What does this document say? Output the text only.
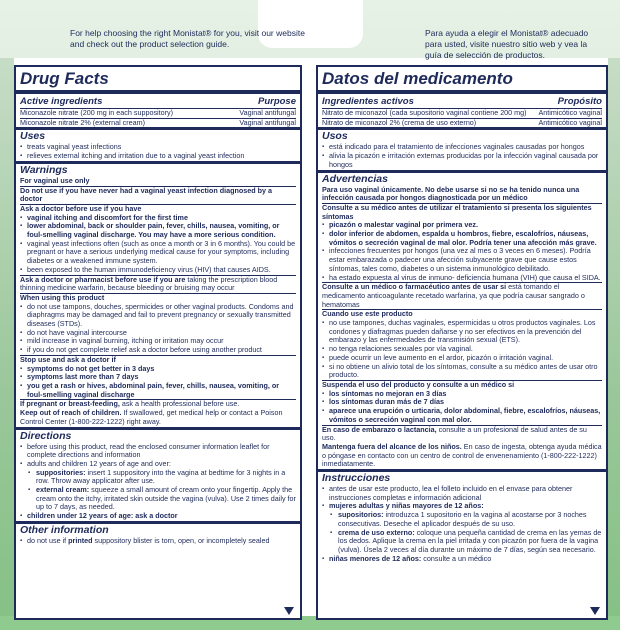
For help choosing the right Monistat® for you, visit our website and check out the product selection guide.
Para ayuda a elegir el Monistat® adecuado para usted, visite nuestro sitio web y vea la guía de selección de productos.
Drug Facts
Active ingredients	Purpose
Miconazole nitrate (200 mg in each suppository)	Vaginal antifungal
Miconazole nitrate 2% (external cream)	Vaginal antifungal
Uses
▪ treats vaginal yeast infections
▪ relieves external itching and irritation due to a vaginal yeast infection
Warnings
For vaginal use only
Do not use if you have never had a vaginal yeast infection diagnosed by a doctor
Ask a doctor before use if you have
▪ vaginal itching and discomfort for the first time
▪ lower abdominal, back or shoulder pain, fever, chills, nausea, vomiting, or foul-smelling vaginal discharge. You may have a more serious condition.
▪ vaginal yeast infections often (such as once a month or 3 in 6 months). You could be pregnant or have a serious underlying medical cause for your symptoms, including diabetes or a weakened immune system.
▪ been exposed to the human immunodeficiency virus (HIV) that causes AIDS.
Ask a doctor or pharmacist before use if you are taking the prescription blood thinning medicine warfarin, because bleeding or bruising may occur
When using this product
▪ do not use tampons, douches, spermicides or other vaginal products. Condoms and diaphragms may be damaged and fail to prevent pregnancy or sexually transmitted diseases (STDs).
▪ do not have vaginal intercourse
▪ mild increase in vaginal burning, itching or irritation may occur
▪ if you do not get complete relief ask a doctor before using another product
Stop use and ask a doctor if
▪ symptoms do not get better in 3 days
▪ symptoms last more than 7 days
▪ you get a rash or hives, abdominal pain, fever, chills, nausea, vomiting, or foul-smelling vaginal discharge
If pregnant or breast-feeding, ask a health professional before use.
Keep out of reach of children. If swallowed, get medical help or contact a Poison Control Center (1-800-222-1222) right away.
Directions
▪ before using this product, read the enclosed consumer information leaflet for complete directions and information
▪ adults and children 12 years of age and over:
▪ suppositories: insert 1 suppository into the vagina at bedtime for 3 nights in a row. Throw away applicator after use.
▪ external cream: squeeze a small amount of cream onto your fingertip. Apply the cream onto the itchy, irritated skin outside the vagina (vulva). Use 2 times daily for up to 7 days, as needed.
▪ children under 12 years of age: ask a doctor
Other information
▪ do not use if printed suppository blister is torn, open, or incompletely sealed
Datos del medicamento
Ingredientes activos	Propósito
Nitrato de miconazol (cada supositorio vaginal contiene 200 mg) Antimicótico vaginal
Nitrato de miconazol 2% (crema de uso externo)	Antimicótico vaginal
Usos
▪ está indicado para el tratamiento de infecciones vaginales causadas por hongos
▪ alivia la picazón e irritación externas producidas por la infección vaginal causada por hongos
Advertencias
Para uso vaginal únicamente. No debe usarse si no se ha tenido nunca una infección causada por hongos diagnosticada por un médico
Consulte a su médico antes de utilizar el tratamiento si presenta los siguientes síntomas
▪ picazón o malestar vaginal por primera vez.
▪ dolor inferior de abdomen, espalda u hombros, fiebre, escalofríos, náuseas, vómitos o secreción vaginal de mal olor. Podría tener una afección más grave.
▪ infecciones frecuentes por hongos (una vez al mes o 3 veces en 6 meses). Podría estar embarazada o padecer una afección subyacente grave que cause estos síntomas, tales como, diabetes o un sistema inmunológico debilitado.
▪ ha estado expuesta al virus de inmuno- deficiencia humana (VIH) que causa el SIDA.
Consulte a un médico o farmacéutico antes de usar si está tomando el medicamento anticoagulante recetado warfarina, ya que podría causar sangrado o hematomas
Cuando use este producto
▪ no use tampones, duchas vaginales, espermicidas u otros productos vaginales. Los condones y diafragmas pueden dañarse y no ser efectivos en la prevención del embarazo y las enfermedades de transmisión sexual (ETS).
▪ no tenga relaciones sexuales por vía vaginal.
▪ puede ocurrir un leve aumento en el ardor, picazón o irritación vaginal.
▪ si no obtiene un alivio total de los síntomas, consulte a su médico antes de usar otro producto.
Suspenda el uso del producto y consulte a un médico si
▪ los síntomas no mejoran en 3 días
▪ los síntomas duran más de 7 días
▪ aparece una erupción o urticaria, dolor abdominal, fiebre, escalofríos, náuseas, vómitos o secreción vaginal con mal olor.
En caso de embarazo o lactancia, consulte a un profesional de salud antes de su uso.
Mantenga fuera del alcance de los niños. En caso de ingesta, obtenga ayuda médica o póngase en contacto con un centro de control de envenenamiento (1-800-222-1222) inmediatamente.
Instrucciones
▪ antes de usar este producto, lea el folleto incluido en el envase para obtener instrucciones completas e información adicional
▪ mujeres adultas y niñas mayores de 12 años:
▪ supositorios: introduzca 1 supositorio en la vagina al acostarse por 3 noches consecutivas. Deseche el aplicador después de su uso.
▪ crema de uso externo: coloque una pequeña cantidad de crema en las yemas de los dedos. Aplique la crema en la piel irritada y con picazón por fuera de la vagina (vulva). Úsela 2 veces al día durante un máximo de 7 días, según sea necesario.
▪ niñas menores de 12 años: consulte a un médico
